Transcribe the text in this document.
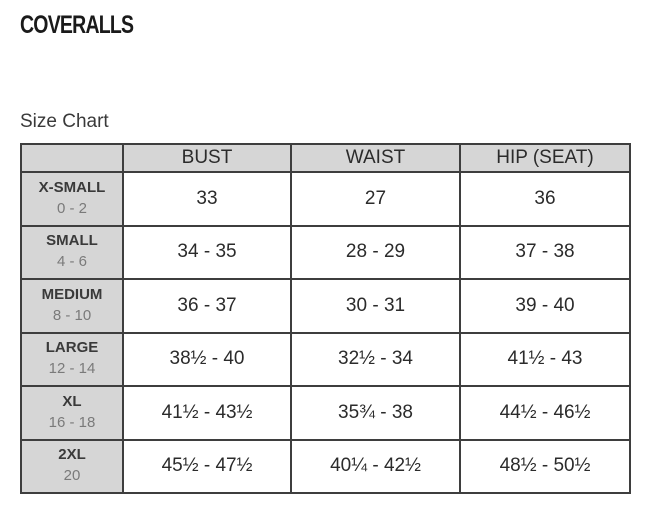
COVERALLS
Size Chart
	BUST	WAIST	HIP (SEAT)

X-SMALL
0 - 2	33	27	36

SMALL
4 - 6	34 - 35	28 - 29	37 - 38

MEDIUM
8 - 10	36 - 37	30 - 31	39 - 40

LARGE
12 - 14	38½ - 40	32½ - 34	41½ - 43

XL
16 - 18	41½ - 43½	35¾ - 38	44½ - 46½

2XL
20	45½ - 47½	40¼ - 42½	48½ - 50½
